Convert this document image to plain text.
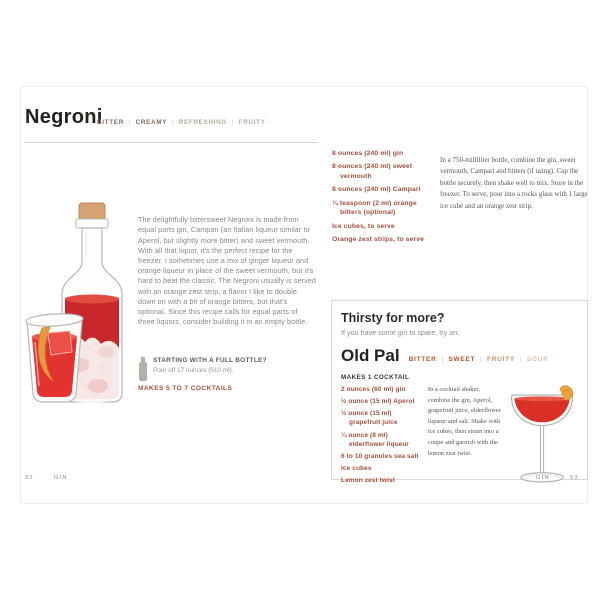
Negroni
BITTER	| CREAMY	| REFRESHING	| FRUITY

The delightfully bittersweet Negroni is made from equal parts gin, Campari (an Italian liqueur similar to Aperol, but slightly more bitter) and sweet vermouth. With all that liquor, it's the perfect recipe for the freezer. I sometimes use a mix of ginger liqueur and orange liqueur in place of the sweet vermouth, but it's hard to beat the classic. The Negroni usually is served with an orange zest strip, a flavor I like to double down on with a bit of orange bitters, but that's optional. Since this recipe calls for equal parts of three liquors, consider building it in an empty bottle.

STARTING WITH A FULL BOTTLE?
Pour off 17 ounces (510 ml).
MAKES 5 TO 7 COCKTAILS
92	GIN
8 ounces (240 ml) gin
8 ounces (240 ml) sweet vermouth
8 ounces (240 ml) Campari
¼ teaspoon (2 ml) orange bitters (optional)
Ice cubes, to serve
Orange zest strips, to serve

In a 750-milliliter bottle, combine the gin, sweet vermouth, Campari and bitters (if using). Cap the bottle securely, then shake well to mix. Store in the freezer. To serve, pour into a rocks glass with 1 large ice cube and an orange zest strip.

Thirsty for more?
If you have some gin to spare, try an:
Old Pal BITTER	| SWEET	| FRUITY	| SOUR
MAKES 1 COCKTAIL
2 ounces (60 ml) gin
½ ounce (15 ml) Aperol
½ ounce (15 ml) grapefruit juice
¼ ounce (8 ml) elderflower liqueur
6 to 10 granules sea salt
Ice cubes
Lemon zest twist
In a cocktail shaker, combine the gin, Aperol, grapefruit juice, elderflower liqueur and salt. Shake with ice cubes, then strain into a coupe and garnish with the lemon zest twist.
GIN	93
